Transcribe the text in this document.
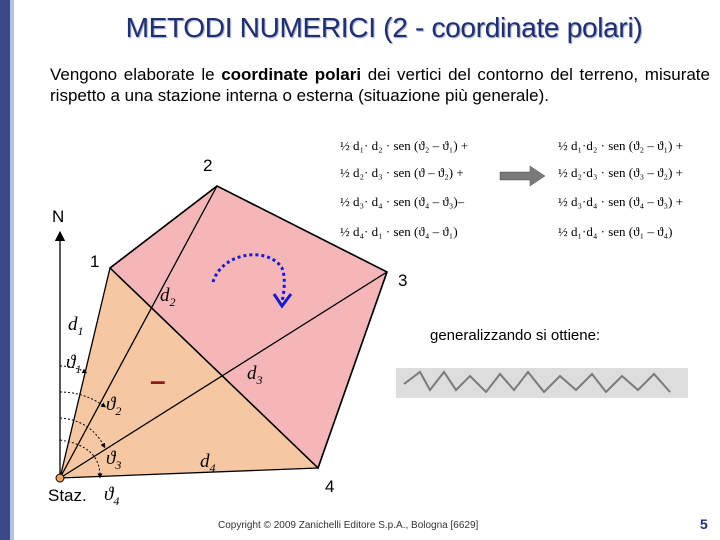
METODI NUMERICI (2 - coordinate polari)
Vengono elaborate le coordinate polari dei vertici del contorno del terreno, misurate rispetto a una stazione interna o esterna (situazione più generale).
½ d₁· d₂ · sen (ϑ₂ – ϑ₁) +
½ d₂· d₃ · sen (ϑ – ϑ₂) +
½ d₃· d₄ · sen (ϑ₄ – ϑ₃)–
½ d₄· d₁ · sen (ϑ₄ – ϑ₁)
½ d₁·d₂ · sen (ϑ₂ – ϑ₁) +
½ d₂·d₃ · sen (ϑ₃ – ϑ₂) +
½ d₃·d₄ · sen (ϑ₄ – ϑ₃) +
½ d₁·d₄ · sen (ϑ₁ – ϑ₄)
2
N
1
3
4
Staz.
$d_2$
$d_1$
$d_3$
$d_4$
$ϑ_1$
$ϑ_2$
$ϑ_3$
$ϑ_4$
–
generalizzando si ottiene:
Copyright © 2009 Zanichelli Editore S.p.A., Bologna [6629]	5
